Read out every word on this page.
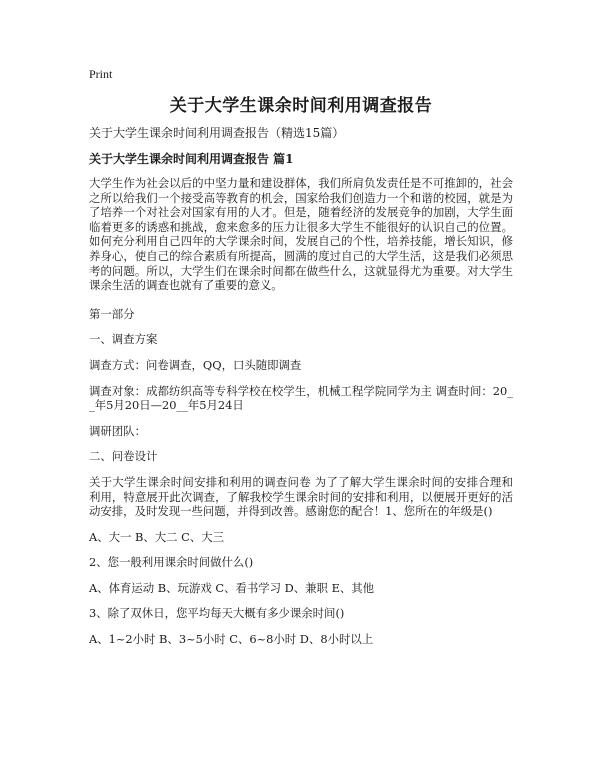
Print
关于大学生课余时间利用调查报告
关于大学生课余时间利用调查报告（精选15篇）
关于大学生课余时间利用调查报告 篇1

大学生作为社会以后的中坚力量和建设群体，我们所肩负发责任是不可推卸的，社会之所以给我们一个接受高等教育的机会，国家给我们创造力一个和谐的校园，就是为了培养一个对社会对国家有用的人才。但是，随着经济的发展竞争的加剧，大学生面临着更多的诱惑和挑战，愈来愈多的压力让很多大学生不能很好的认识自己的位置。如何充分利用自己四年的大学课余时间，发展自己的个性，培养技能，增长知识，修养身心，使自己的综合素质有所提高，圆满的度过自己的大学生活，这是我们必须思考的问题。所以，大学生们在课余时间都在做些什么，这就显得尤为重要。对大学生课余生活的调查也就有了重要的意义。

第一部分

一、调查方案

调查方式：问卷调查，QQ，口头随即调查

调查对象：成都纺织高等专科学校在校学生，机械工程学院同学为主 调查时间：20__年5月20日—20__年5月24日

调研团队：

二、问卷设计

关于大学生课余时间安排和利用的调查问卷 为了了解大学生课余时间的安排合理和利用，特意展开此次调查，了解我校学生课余时间的安排和利用，以便展开更好的活动安排，及时发现一些问题，并得到改善。感谢您的配合！1、您所在的年级是()

A、大一 B、大二 C、大三

2、您一般利用课余时间做什么()

A、体育运动 B、玩游戏 C、看书学习 D、兼职 E、其他

3、除了双休日，您平均每天大概有多少课余时间()

A、1~2小时 B、3~5小时 C、6~8小时 D、8小时以上
